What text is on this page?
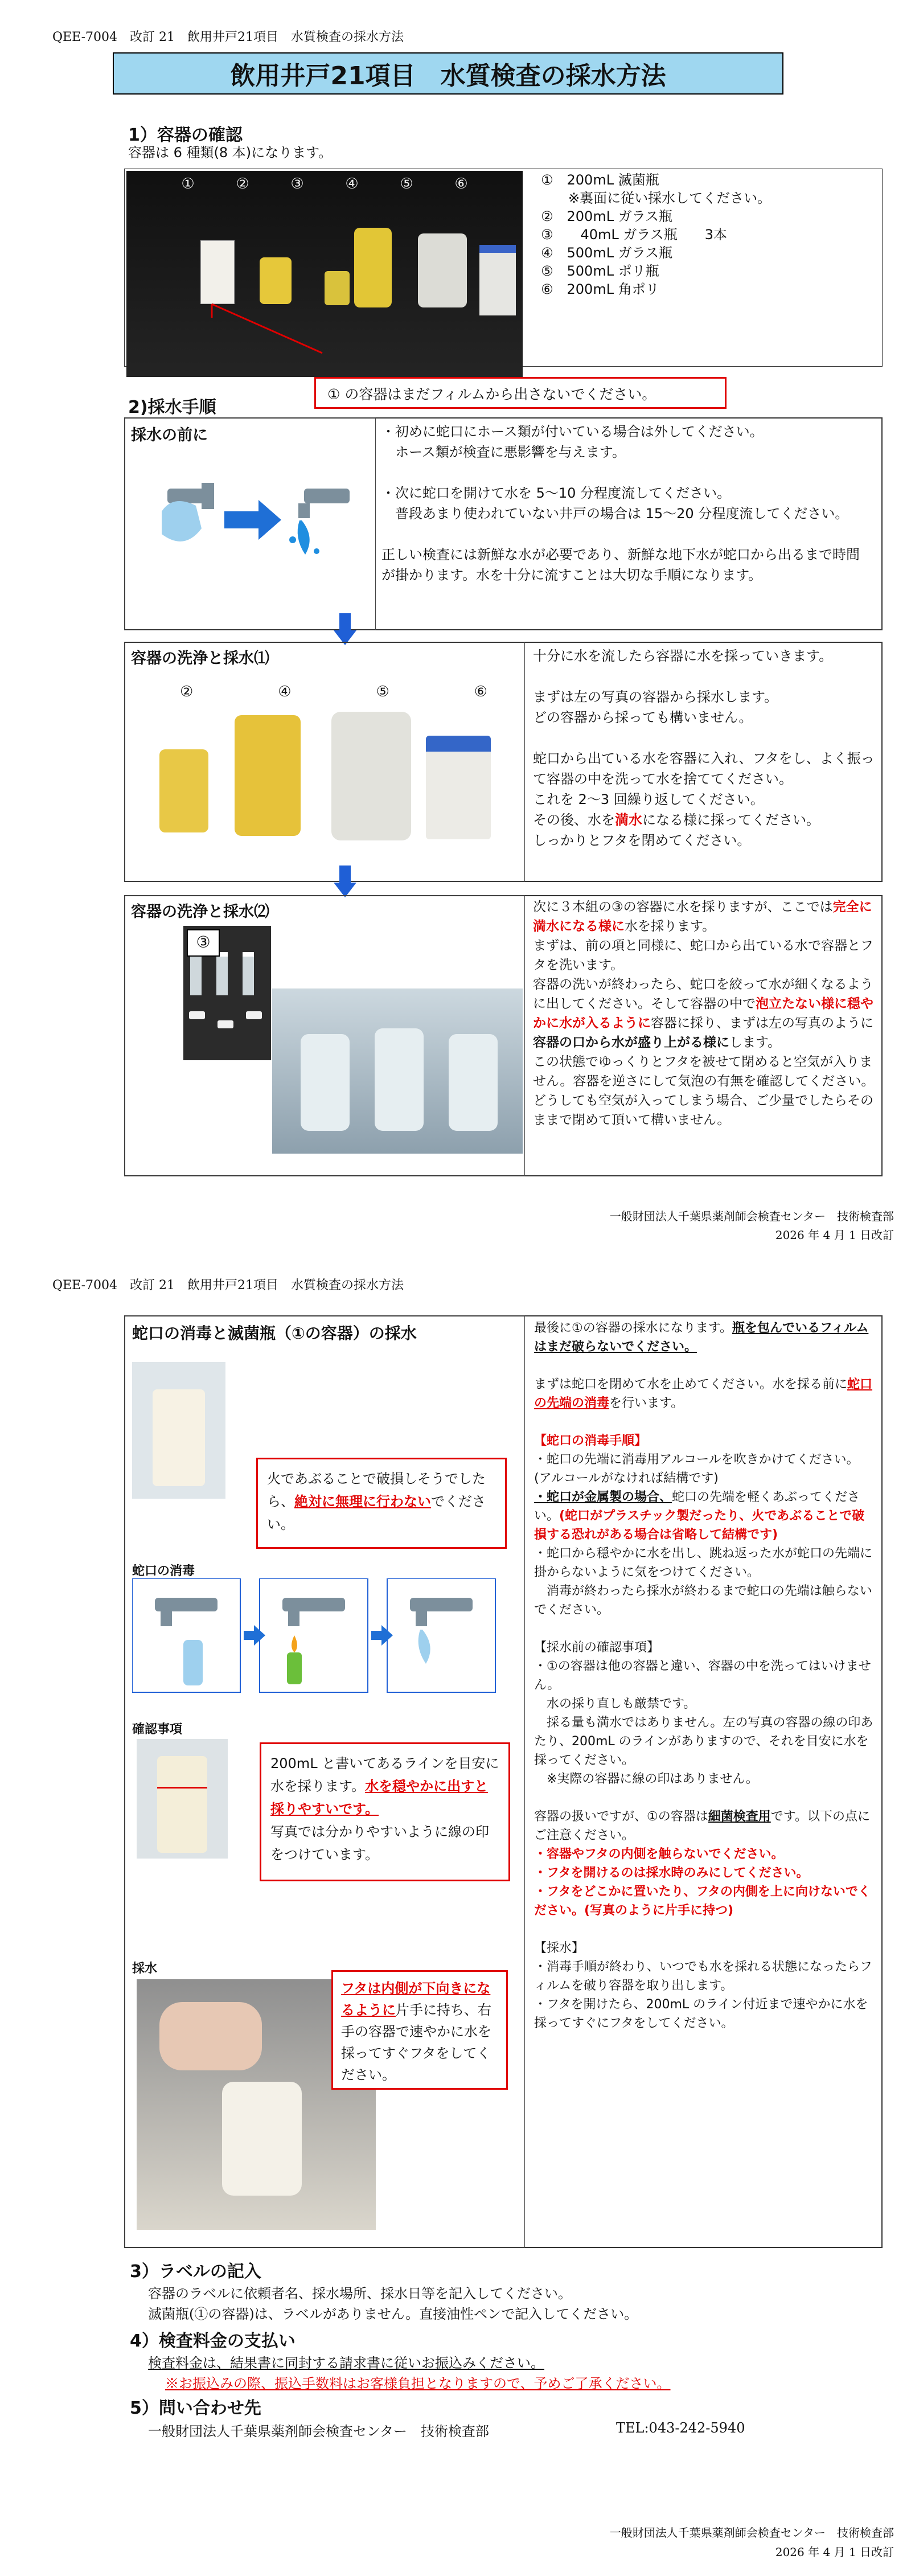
QEE-7004　改訂 21　飲用井戸21項目　水質検査の採水方法
飲用井戸21項目　水質検査の採水方法
1）容器の確認
容器は 6 種類(8 本)になります。
①	②	③	④	⑤	⑥	①　200mL 滅菌瓶
　　※裏面に従い採水してください。
②　200mL ガラス瓶
③　　40mL ガラス瓶　　3本
④　500mL ガラス瓶
⑤　500mL ポリ瓶
⑥　200mL 角ポリ
① の容器はまだフィルムから出さないでください。
2)採水手順
採水の前に	・初めに蛇口にホース類が付いている場合は外してください。
　ホース類が検査に悪影響を与えます。
・次に蛇口を開けて水を 5～10 分程度流してください。
　普段あまり使われていない井戸の場合は 15～20 分程度流してください。
正しい検査には新鮮な水が必要であり、新鮮な地下水が蛇口から出るまで時間が掛かります。水を十分に流すことは大切な手順になります。
容器の洗浄と採水⑴
②	④	⑤	⑥
十分に水を流したら容器に水を採っていきます。
まずは左の写真の容器から採水します。
どの容器から採っても構いません。
蛇口から出ている水を容器に入れ、フタをし、よく振って容器の中を洗って水を捨ててください。
これを 2～3 回繰り返してください。
その後、水を満水になる様に採ってください。
しっかりとフタを閉めてください。
容器の洗浄と採水⑵
③
次に３本組の③の容器に水を採りますが、ここでは完全に満水になる様に水を採ります。
まずは、前の項と同様に、蛇口から出ている水で容器とフタを洗います。
容器の洗いが終わったら、蛇口を絞って水が細くなるように出してください。そして容器の中で泡立たない様に穏やかに水が入るように容器に採り、まずは左の写真のように容器の口から水が盛り上がる様にします。
この状態でゆっくりとフタを被せて閉めると空気が入りません。容器を逆さにして気泡の有無を確認してください。どうしても空気が入ってしまう場合、ご少量でしたらそのままで閉めて頂いて構いません。
一般財団法人千葉県薬剤師会検査センター　技術検査部
2026 年 4 月 1 日改訂
QEE-7004　改訂 21　飲用井戸21項目　水質検査の採水方法
蛇口の消毒と滅菌瓶（①の容器）の採水
火であぶることで破損しそうでしたら、絶対に無理に行わないでください。
蛇口の消毒
確認事項
200mL と書いてあるラインを目安に水を採ります。水を穏やかに出すと採りやすいです。
写真では分かりやすいように線の印をつけています。
採水
フタは内側が下向きになるように片手に持ち、右手の容器で速やかに水を採ってすぐフタをしてください。
最後に①の容器の採水になります。瓶を包んでいるフィルムはまだ破らないでください。
まずは蛇口を閉めて水を止めてください。水を採る前に蛇口の先端の消毒を行います。
【蛇口の消毒手順】
・蛇口の先端に消毒用アルコールを吹きかけてください。(アルコールがなければ結構です)
・蛇口が金属製の場合、蛇口の先端を軽くあぶってください。(蛇口がプラスチック製だったり、火であぶることで破損する恐れがある場合は省略して結構です)
・蛇口から穏やかに水を出し、跳ね返った水が蛇口の先端に掛からないように気をつけてください。
　消毒が終わったら採水が終わるまで蛇口の先端は触らないでください。
【採水前の確認事項】
・①の容器は他の容器と違い、容器の中を洗ってはいけません。
　水の採り直しも厳禁です。
　採る量も満水ではありません。左の写真の容器の線の印あたり、200mL のラインがありますので、それを目安に水を採ってください。
　※実際の容器に線の印はありません。
容器の扱いですが、①の容器は細菌検査用です。以下の点にご注意ください。
・容器やフタの内側を触らないでください。
・フタを開けるのは採水時のみにしてください。
・フタをどこかに置いたり、フタの内側を上に向けないでください。(写真のように片手に持つ)
【採水】
・消毒手順が終わり、いつでも水を採れる状態になったらフィルムを破り容器を取り出します。
・フタを開けたら、200mL のライン付近まで速やかに水を採ってすぐにフタをしてください。
3）ラベルの記入
容器のラベルに依頼者名、採水場所、採水日等を記入してください。
滅菌瓶(①の容器)は、ラベルがありません。直接油性ペンで記入してください。
4）検査料金の支払い
検査料金は、結果書に同封する請求書に従いお振込みください。
※お振込みの際、振込手数料はお客様負担となりますので、予めご了承ください。
5）問い合わせ先
一般財団法人千葉県薬剤師会検査センター　技術検査部	TEL:043-242-5940
一般財団法人千葉県薬剤師会検査センター　技術検査部
2026 年 4 月 1 日改訂
